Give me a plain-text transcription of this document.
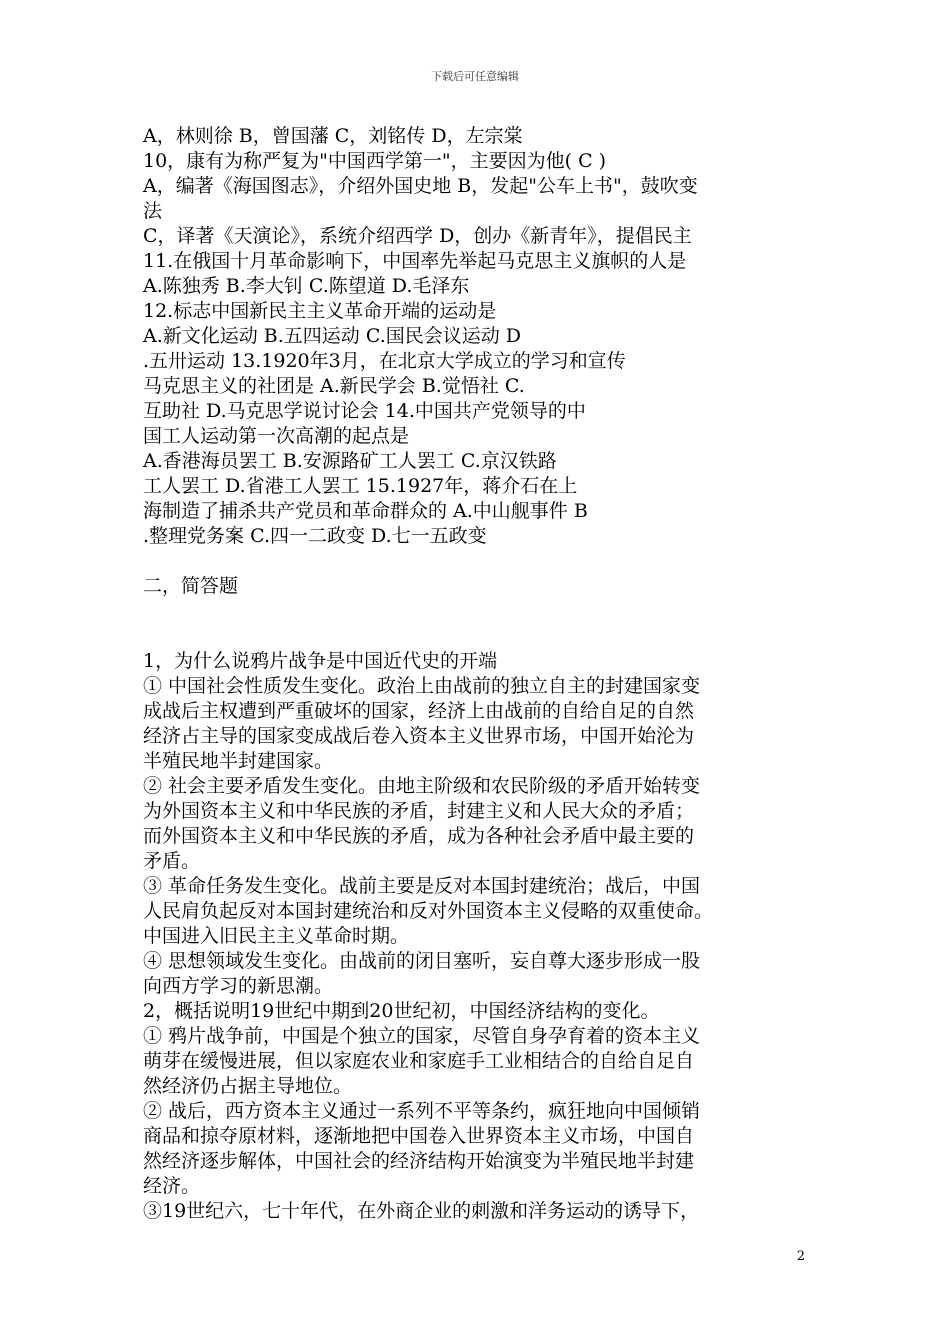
下载后可任意编辑
A，林则徐 B，曾国藩 C，刘铭传 D，左宗棠
10，康有为称严复为"中国西学第一"，主要因为他( C )
A，编著《海国图志》，介绍外国史地 B，发起"公车上书"，鼓吹变
法
C，译著《天演论》，系统介绍西学 D，创办《新青年》，提倡民主
11.在俄国十月革命影响下，中国率先举起马克思主义旗帜的人是
A.陈独秀 B.李大钊 C.陈望道 D.毛泽东
12.标志中国新民主主义革命开端的运动是
A.新文化运动 B.五四运动 C.国民会议运动 D
.五卅运动 13.1920年3月，在北京大学成立的学习和宣传
马克思主义的社团是 A.新民学会 B.觉悟社 C.
互助社 D.马克思学说讨论会 14.中国共产党领导的中
国工人运动第一次高潮的起点是
A.香港海员罢工 B.安源路矿工人罢工 C.京汉铁路
工人罢工 D.省港工人罢工 15.1927年，蒋介石在上
海制造了捕杀共产党员和革命群众的 A.中山舰事件 B
.整理党务案 C.四一二政变 D.七一五政变
二，简答题
1，为什么说鸦片战争是中国近代史的开端
① 中国社会性质发生变化。政治上由战前的独立自主的封建国家变
成战后主权遭到严重破坏的国家，经济上由战前的自给自足的自然
经济占主导的国家变成战后卷入资本主义世界市场，中国开始沦为
半殖民地半封建国家。
② 社会主要矛盾发生变化。由地主阶级和农民阶级的矛盾开始转变
为外国资本主义和中华民族的矛盾，封建主义和人民大众的矛盾；
而外国资本主义和中华民族的矛盾，成为各种社会矛盾中最主要的
矛盾。
③ 革命任务发生变化。战前主要是反对本国封建统治；战后，中国
人民肩负起反对本国封建统治和反对外国资本主义侵略的双重使命。
中国进入旧民主主义革命时期。
④ 思想领域发生变化。由战前的闭目塞听，妄自尊大逐步形成一股
向西方学习的新思潮。
2，概括说明19世纪中期到20世纪初，中国经济结构的变化。
① 鸦片战争前，中国是个独立的国家，尽管自身孕育着的资本主义
萌芽在缓慢进展，但以家庭农业和家庭手工业相结合的自给自足自
然经济仍占据主导地位。
② 战后，西方资本主义通过一系列不平等条约，疯狂地向中国倾销
商品和掠夺原材料，逐渐地把中国卷入世界资本主义市场，中国自
然经济逐步解体，中国社会的经济结构开始演变为半殖民地半封建
经济。
③19世纪六，七十年代，在外商企业的刺激和洋务运动的诱导下，
2
